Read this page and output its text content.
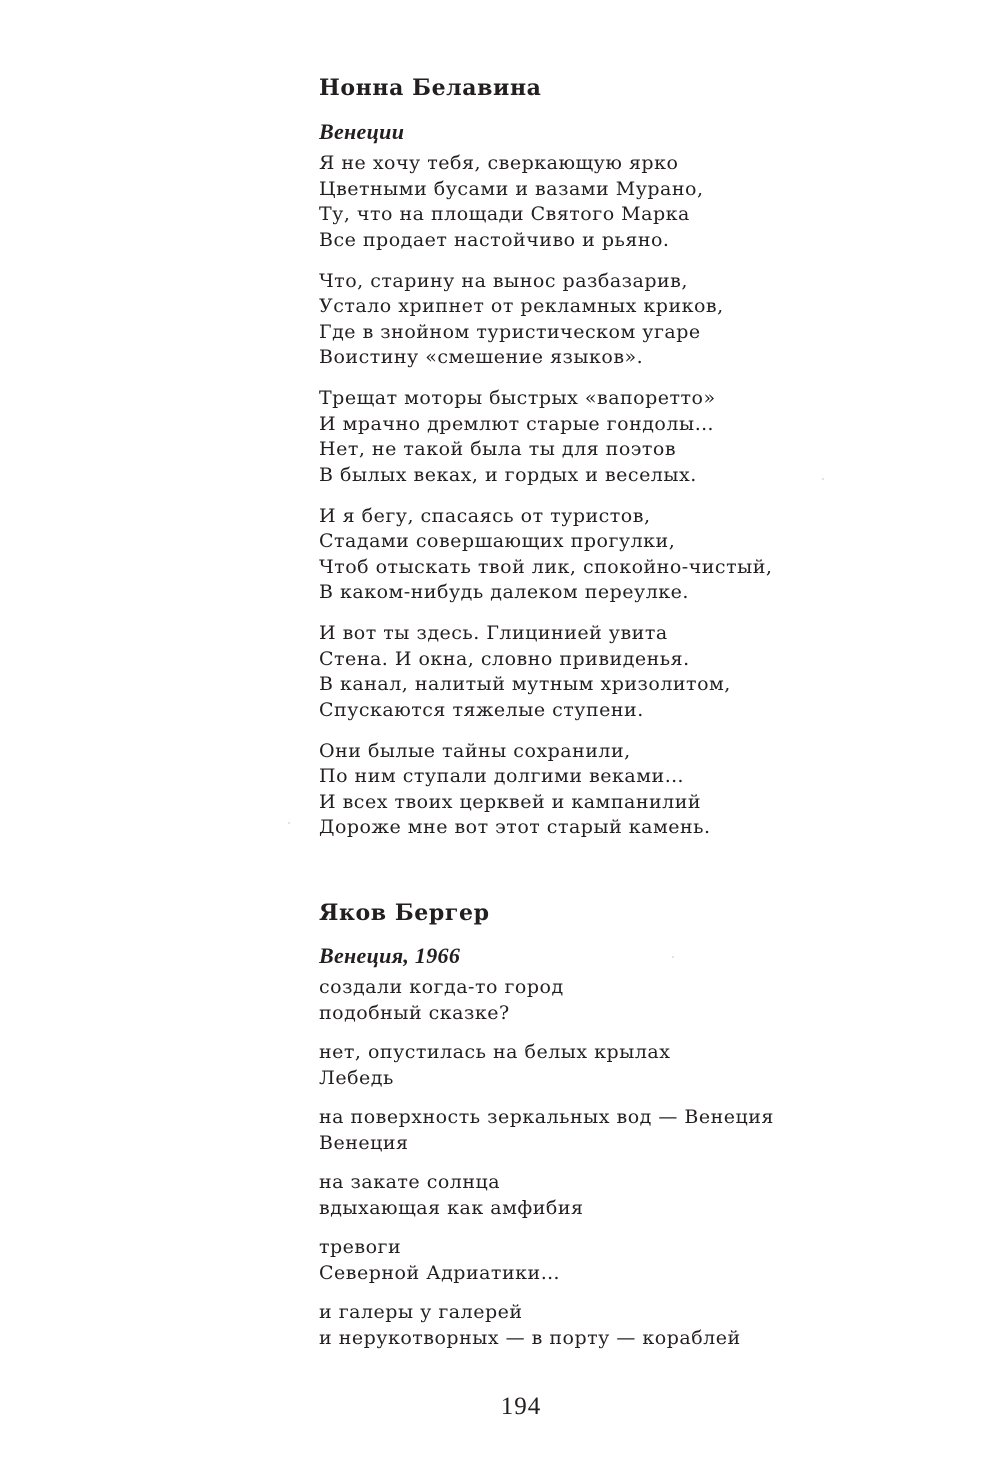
Нонна Белавина
Венеции
Я не хочу тебя, сверкающую ярко
Цветными бусами и вазами Мурано,
Ту, что на площади Святого Марка
Все продает настойчиво и рьяно.
Что, старину на вынос разбазарив,
Устало хрипнет от рекламных криков,
Где в знойном туристическом угаре
Воистину «смешение языков».
Трещат моторы быстрых «вапоретто»
И мрачно дремлют старые гондолы…
Нет, не такой была ты для поэтов
В былых веках, и гордых и веселых.
И я бегу, спасаясь от туристов,
Стадами совершающих прогулки,
Чтоб отыскать твой лик, спокойно-чистый,
В каком-нибудь далеком переулке.
И вот ты здесь. Глицинией увита
Стена. И окна, словно привиденья.
В канал, налитый мутным хризолитом,
Спускаются тяжелые ступени.
Они былые тайны сохранили,
По ним ступали долгими веками…
И всех твоих церквей и кампанилий
Дороже мне вот этот старый камень.
Яков Бергер
Венеция, 1966
создали когда-то город
подобный сказке?
нет, опустилась на белых крылах
Лебедь
на поверхность зеркальных вод — Венеция
Венеция
на закате солнца
вдыхающая как амфибия
тревоги
Северной Адриатики…
и галеры у галерей
и нерукотворных — в порту — кораблей
194
